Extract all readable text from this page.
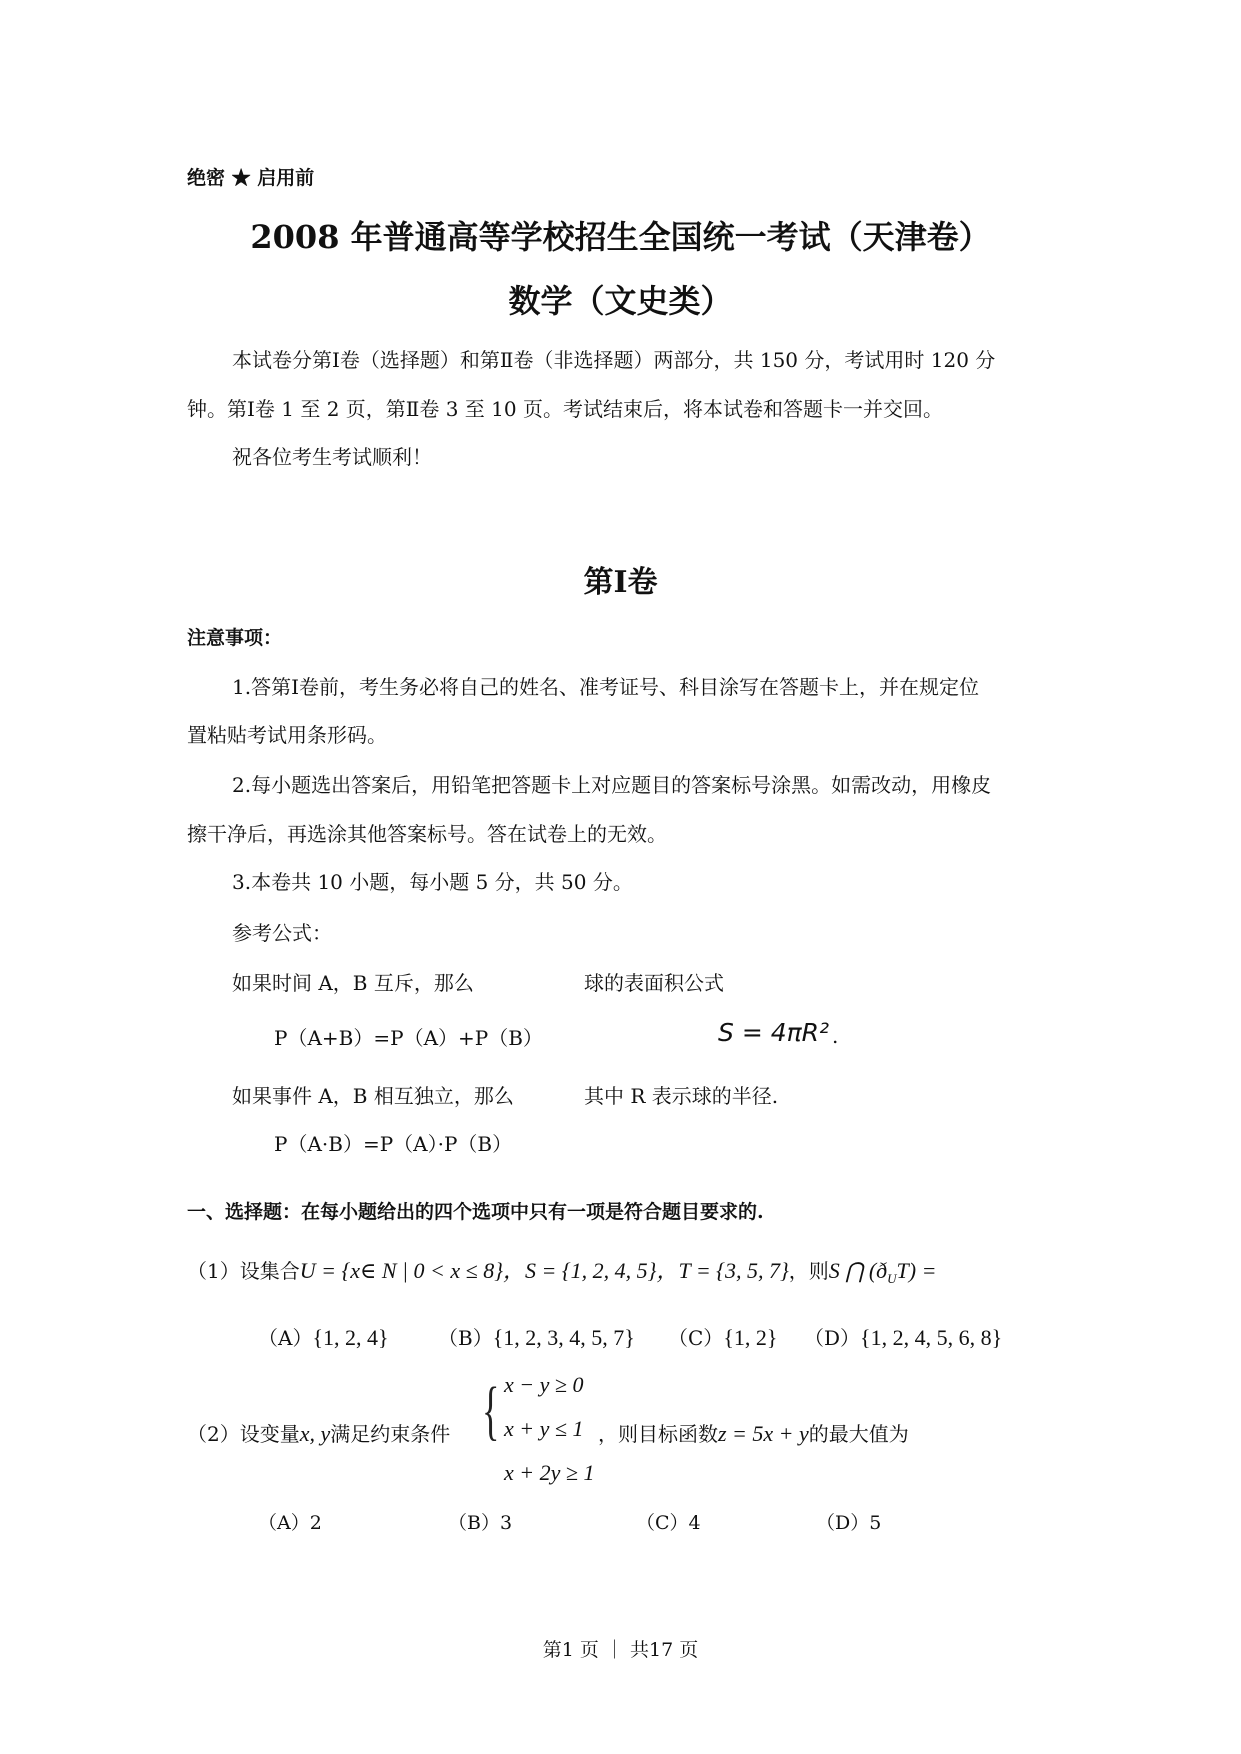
绝密 ★ 启用前
2008 年普通高等学校招生全国统一考试（天津卷）
数学（文史类）
本试卷分第Ⅰ卷（选择题）和第Ⅱ卷（非选择题）两部分，共 150 分，考试用时 120 分
钟。第Ⅰ卷 1 至 2 页，第Ⅱ卷 3 至 10 页。考试结束后，将本试卷和答题卡一并交回。
祝各位考生考试顺利！
第Ⅰ卷
注意事项：
1.答第Ⅰ卷前，考生务必将自己的姓名、准考证号、科目涂写在答题卡上，并在规定位
置粘贴考试用条形码。
2.每小题选出答案后，用铅笔把答题卡上对应题目的答案标号涂黑。如需改动，用橡皮
擦干净后，再选涂其他答案标号。答在试卷上的无效。
3.本卷共 10 小题，每小题 5 分，共 50 分。
参考公式：
如果时间 A，B 互斥，那么	球的表面积公式
P（A+B）=P（A）+P（B）	S = 4πR² .
如果事件 A，B 相互独立，那么	其中 R 表示球的半径.
P（A·B）=P（A）·P（B）
一、选择题：在每小题给出的四个选项中只有一项是符合题目要求的.
（1）设集合U = {x∈ N | 0 < x ≤ 8}，S = {1, 2, 4, 5}，T = {3, 5, 7}，则S ⋂ $(ð_UT)$ =
（A）{1, 2, 4} （B）{1, 2, 3, 4, 5, 7} （C）{1, 2} （D）{1, 2, 4, 5, 6, 8}
（2）设变量x, y满足约束条件 { x − y ≥ 0
x + y ≤ 1
x + 2y ≥ 1
，则目标函数z = 5x + y的最大值为
（A）2	（B）3	（C）4	（D）5
第1 页 ｜ 共17 页
